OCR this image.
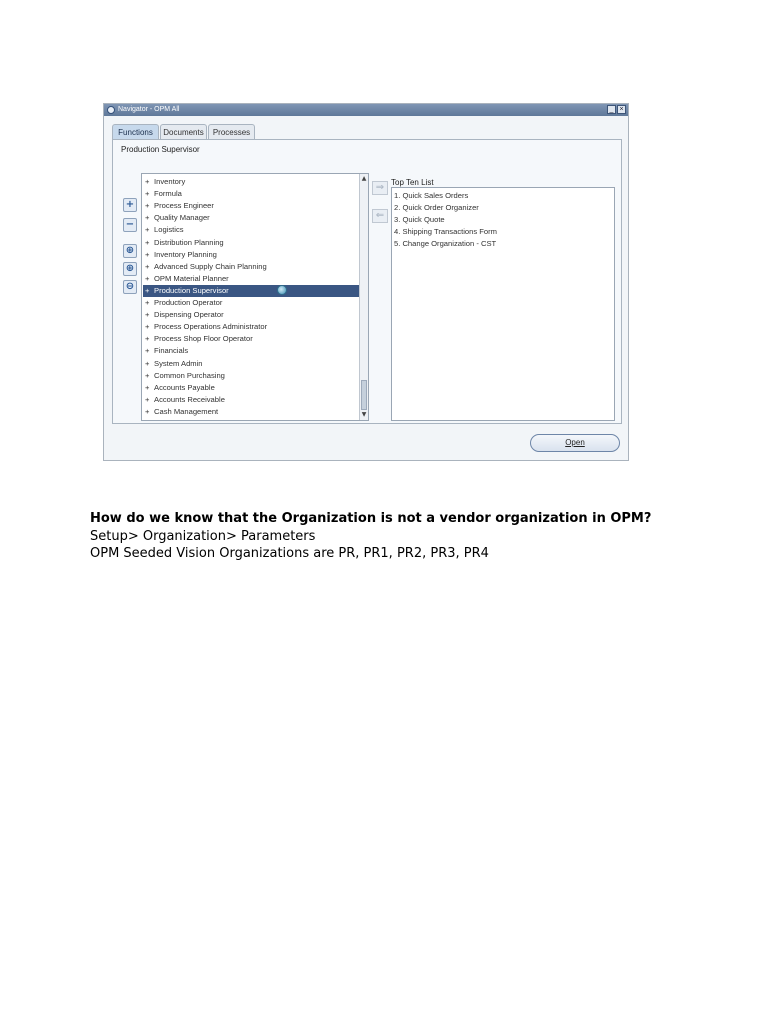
Navigator - OPM All	_ ×
Functions	Documents	Processes
Production Supervisor
+
−
⊕
⊕
⊖
+ Inventory
+ Formula
+ Process Engineer
+ Quality Manager
+ Logistics
+ Distribution Planning
+ Inventory Planning
+ Advanced Supply Chain Planning
+ OPM Material Planner
+ Production Supervisor
+ Production Operator
+ Dispensing Operator
+ Process Operations Administrator
+ Process Shop Floor Operator
+ Financials
+ System Admin
+ Common Purchasing
+ Accounts Payable
+ Accounts Receivable
+ Cash Management
▲
▼
⇒
⇐
Top Ten List
1. Quick Sales Orders
2. Quick Order Organizer
3. Quick Quote
4. Shipping Transactions Form
5. Change Organization - CST
Open
How do we know that the Organization is not a vendor organization in OPM?
Setup> Organization> Parameters
OPM Seeded Vision Organizations are PR, PR1, PR2, PR3, PR4
